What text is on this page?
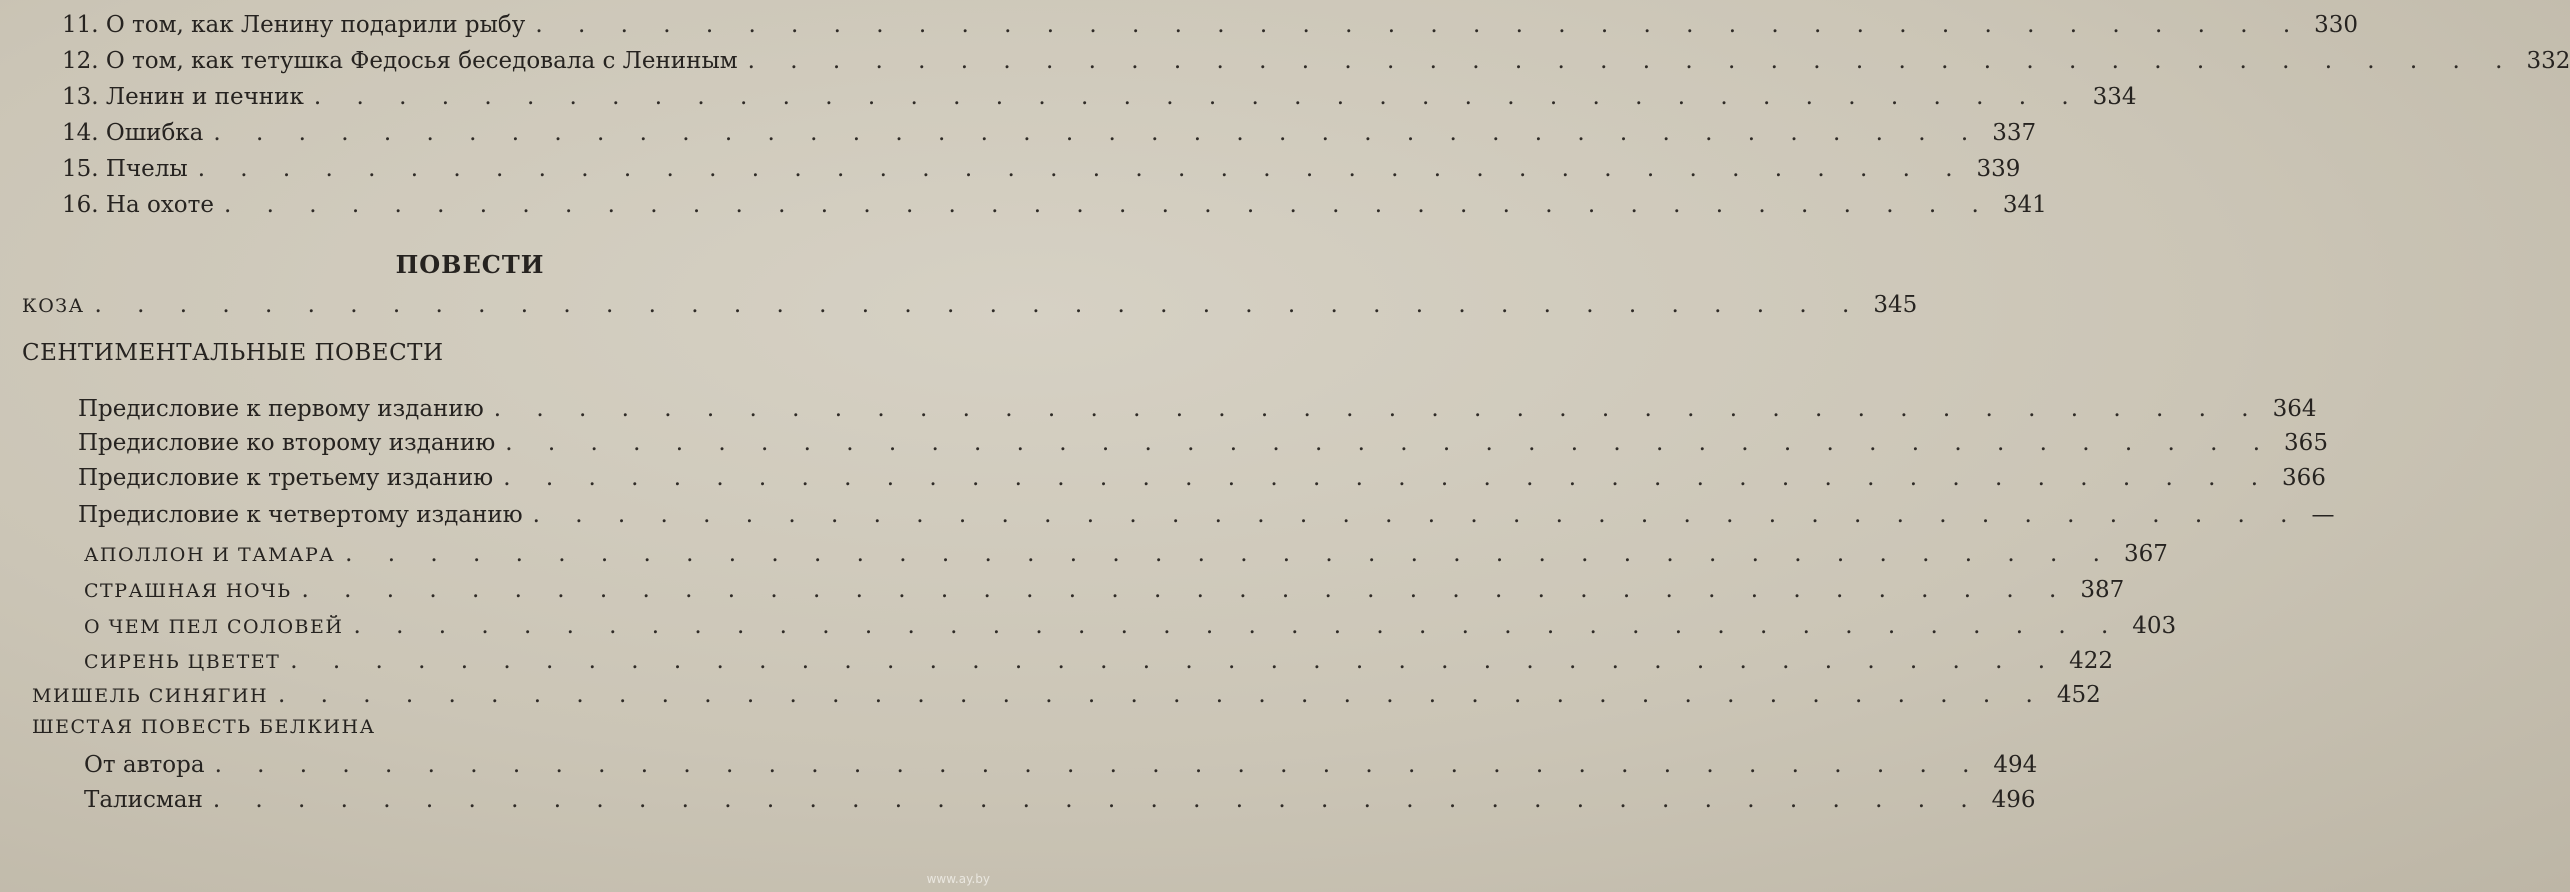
11. О том, как Ленину подарили рыбу . . . . . . . . . . . . . . . . . . . . . . . . . . . . . . . . . . . . . . . . . . 330
12. О том, как тетушка Федосья беседовала с Лениным . . . . . . . . . . . . . . . . . . . . . . . . . . . . . . . . . . . . . . . . . . 332
13. Ленин и печник . . . . . . . . . . . . . . . . . . . . . . . . . . . . . . . . . . . . . . . . . . 334
14. Ошибка . . . . . . . . . . . . . . . . . . . . . . . . . . . . . . . . . . . . . . . . . . 337
15. Пчелы . . . . . . . . . . . . . . . . . . . . . . . . . . . . . . . . . . . . . . . . . . 339
16. На охоте . . . . . . . . . . . . . . . . . . . . . . . . . . . . . . . . . . . . . . . . . . 341
ПОВЕСТИ
КОЗА . . . . . . . . . . . . . . . . . . . . . . . . . . . . . . . . . . . . . . . . . . 345
СЕНТИМЕНТАЛЬНЫЕ ПОВЕСТИ
Предисловие к первому изданию . . . . . . . . . . . . . . . . . . . . . . . . . . . . . . . . . . . . . . . . . . 364
Предисловие ко второму изданию . . . . . . . . . . . . . . . . . . . . . . . . . . . . . . . . . . . . . . . . . . 365
Предисловие к третьему изданию . . . . . . . . . . . . . . . . . . . . . . . . . . . . . . . . . . . . . . . . . . 366
Предисловие к четвертому изданию . . . . . . . . . . . . . . . . . . . . . . . . . . . . . . . . . . . . . . . . . . —
АПОЛЛОН И ТАМАРА . . . . . . . . . . . . . . . . . . . . . . . . . . . . . . . . . . . . . . . . . . 367
СТРАШНАЯ НОЧЬ . . . . . . . . . . . . . . . . . . . . . . . . . . . . . . . . . . . . . . . . . . 387
О ЧЕМ ПЕЛ СОЛОВЕЙ . . . . . . . . . . . . . . . . . . . . . . . . . . . . . . . . . . . . . . . . . . 403
СИРЕНЬ ЦВЕТЕТ . . . . . . . . . . . . . . . . . . . . . . . . . . . . . . . . . . . . . . . . . . 422
МИШЕЛЬ СИНЯГИН . . . . . . . . . . . . . . . . . . . . . . . . . . . . . . . . . . . . . . . . . . 452
ШЕСТАЯ ПОВЕСТЬ БЕЛКИНА
От автора . . . . . . . . . . . . . . . . . . . . . . . . . . . . . . . . . . . . . . . . . . 494
Талисман . . . . . . . . . . . . . . . . . . . . . . . . . . . . . . . . . . . . . . . . . . 496
www.ay.by
